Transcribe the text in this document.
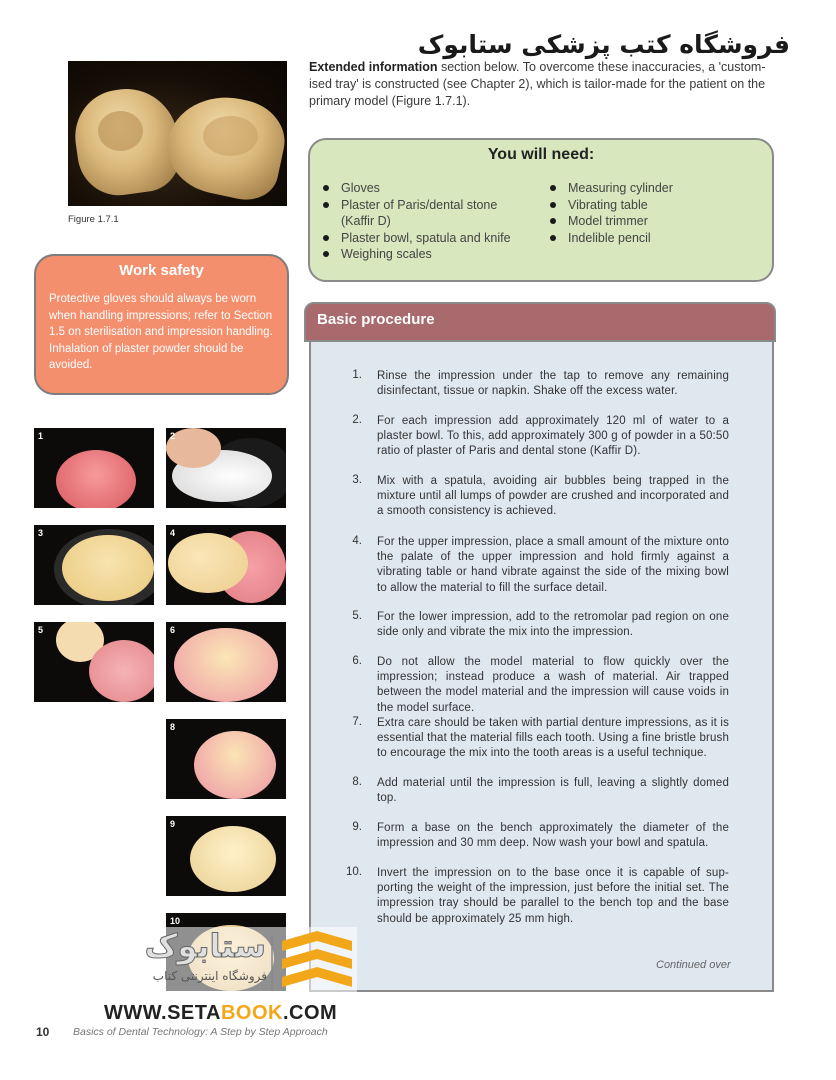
فروشگاه کتب پزشکی ستابوک
Extended information section below. To overcome these inaccuracies, a 'custom-ised tray' is constructed (see Chapter 2), which is tailor-made for the patient on the primary model (Figure 1.7.1).
Figure 1.7.1
You will need:
Gloves
Plaster of Paris/dental stone (Kaffir D)
Plaster bowl, spatula and knife
Weighing scales
Measuring cylinder
Vibrating table
Model trimmer
Indelible pencil
Work safety
Protective gloves should always be worn when handling impressions; refer to Section 1.5 on sterilisation and impression handling. Inhalation of plaster powder should be avoided.
Basic procedure
1. Rinse the impression under the tap to remove any remaining disinfectant, tissue or napkin. Shake off the excess water.
2. For each impression add approximately 120 ml of water to a plaster bowl. To this, add approximately 300 g of powder in a 50:50 ratio of plaster of Paris and dental stone (Kaffir D).
3. Mix with a spatula, avoiding air bubbles being trapped in the mixture until all lumps of powder are crushed and incorporated and a smooth consistency is achieved.
4. For the upper impression, place a small amount of the mixture onto the palate of the upper impression and hold firmly against a vibrating table or hand vibrate against the side of the mixing bowl to allow the material to fill the surface detail.
5. For the lower impression, add to the retromolar pad region on one side only and vibrate the mix into the impression.
6. Do not allow the model material to flow quickly over the impression; instead produce a wash of material. Air trapped between the model material and the impression will cause voids in the model surface.
7. Extra care should be taken with partial denture impressions, as it is essential that the material fills each tooth. Using a fine bristle brush to encourage the mix into the tooth areas is a useful technique.
8. Add material until the impression is full, leaving a slightly domed top.
9. Form a base on the bench approximately the diameter of the impression and 30 mm deep. Now wash your bowl and spatula.
10. Invert the impression on to the base once it is capable of sup-porting the weight of the impression, just before the initial set. The impression tray should be parallel to the bench top and the base should be approximately 25 mm high.
Continued over
1	2
3	4
5	6
8
9
10
ستابوک
فروشگاه اینترنتی کتاب
WWW.SETABOOK.COM
10 Basics of Dental Technology: A Step by Step Approach
